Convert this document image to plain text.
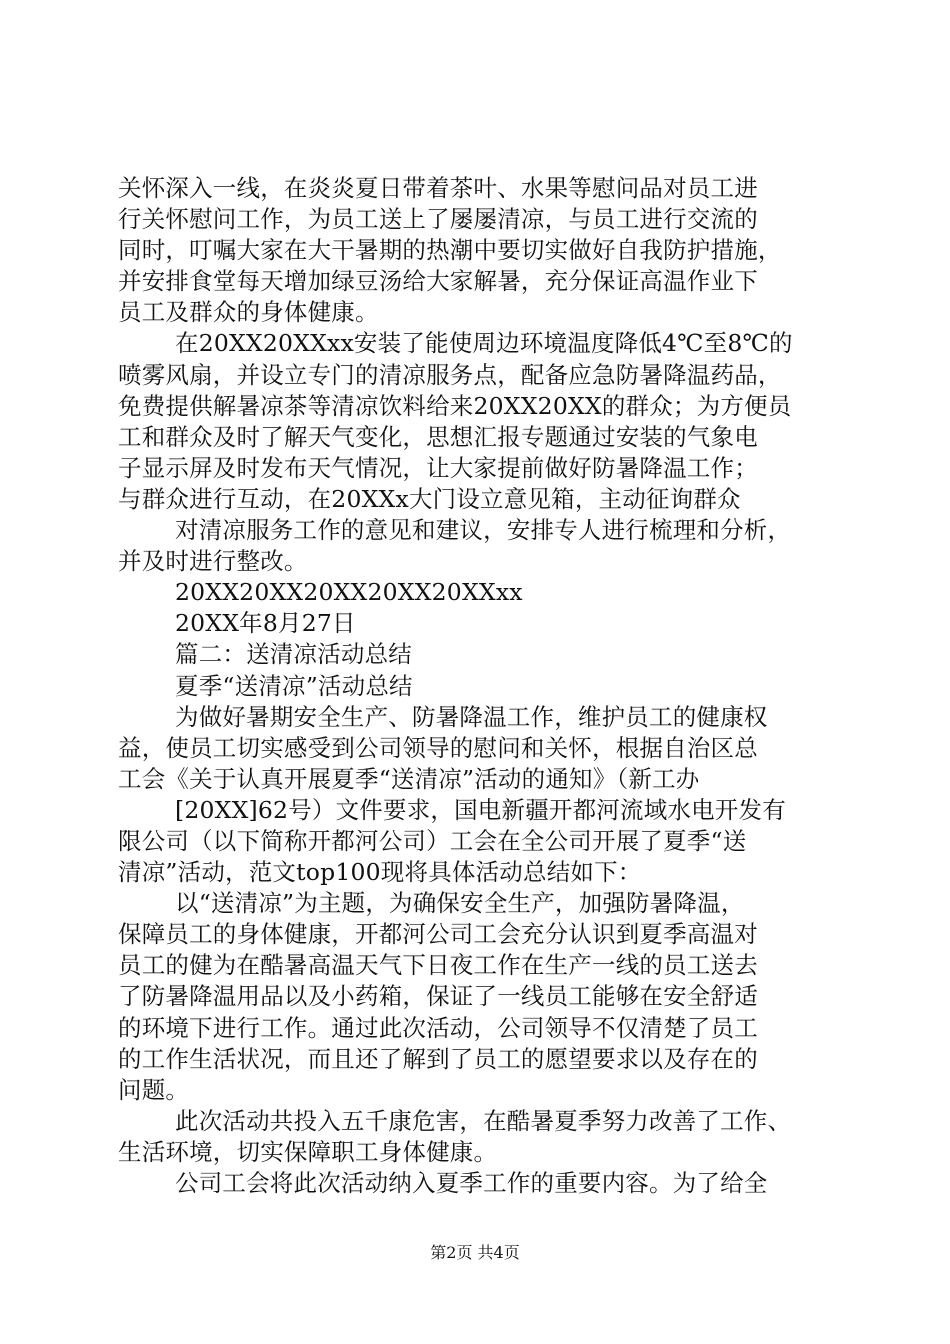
关怀深入一线，在炎炎夏日带着茶叶、水果等慰问品对员工进
行关怀慰问工作，为员工送上了屡屡清凉，与员工进行交流的
同时，叮嘱大家在大干暑期的热潮中要切实做好自我防护措施，
并安排食堂每天增加绿豆汤给大家解暑，充分保证高温作业下
员工及群众的身体健康。
在20XX20XXxx安装了能使周边环境温度降低4℃至8℃的
喷雾风扇，并设立专门的清凉服务点，配备应急防暑降温药品，
免费提供解暑凉茶等清凉饮料给来20XX20XX的群众；为方便员
工和群众及时了解天气变化，思想汇报专题通过安装的气象电
子显示屏及时发布天气情况，让大家提前做好防暑降温工作；
与群众进行互动，在20XXx大门设立意见箱，主动征询群众
对清凉服务工作的意见和建议，安排专人进行梳理和分析，
并及时进行整改。
20XX20XX20XX20XX20XXxx
20XX年8月27日
篇二：送清凉活动总结
夏季“送清凉”活动总结
为做好暑期安全生产、防暑降温工作，维护员工的健康权
益，使员工切实感受到公司领导的慰问和关怀，根据自治区总
工会《关于认真开展夏季“送清凉”活动的通知》（新工办
[20XX]62号）文件要求，国电新疆开都河流域水电开发有
限公司（以下简称开都河公司）工会在全公司开展了夏季“送
清凉”活动，范文top100现将具体活动总结如下：
以“送清凉”为主题，为确保安全生产，加强防暑降温，
保障员工的身体健康，开都河公司工会充分认识到夏季高温对
员工的健为在酷暑高温天气下日夜工作在生产一线的员工送去
了防暑降温用品以及小药箱，保证了一线员工能够在安全舒适
的环境下进行工作。通过此次活动，公司领导不仅清楚了员工
的工作生活状况，而且还了解到了员工的愿望要求以及存在的
问题。
此次活动共投入五千康危害，在酷暑夏季努力改善了工作、
生活环境，切实保障职工身体健康。
公司工会将此次活动纳入夏季工作的重要内容。为了给全
第2页 共4页
